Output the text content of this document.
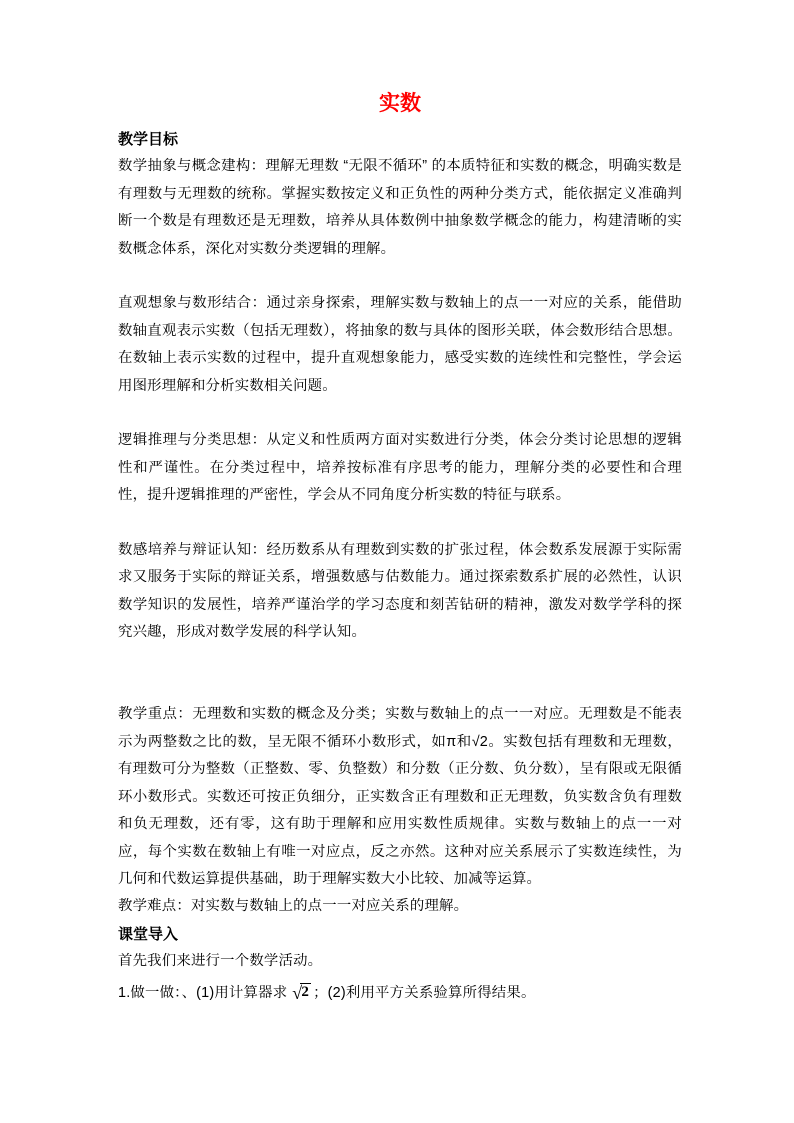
实数

教学目标

数学抽象与概念建构：理解无理数 “无限不循环” 的本质特征和实数的概念，明确实数是有理数与无理数的统称。掌握实数按定义和正负性的两种分类方式，能依据定义准确判断一个数是有理数还是无理数，培养从具体数例中抽象数学概念的能力，构建清晰的实数概念体系，深化对实数分类逻辑的理解。

直观想象与数形结合：通过亲身探索，理解实数与数轴上的点一一对应的关系，能借助数轴直观表示实数（包括无理数），将抽象的数与具体的图形关联，体会数形结合思想。在数轴上表示实数的过程中，提升直观想象能力，感受实数的连续性和完整性，学会运用图形理解和分析实数相关问题。

逻辑推理与分类思想：从定义和性质两方面对实数进行分类，体会分类讨论思想的逻辑性和严谨性。在分类过程中，培养按标准有序思考的能力，理解分类的必要性和合理性，提升逻辑推理的严密性，学会从不同角度分析实数的特征与联系。

数感培养与辩证认知：经历数系从有理数到实数的扩张过程，体会数系发展源于实际需求又服务于实际的辩证关系，增强数感与估数能力。通过探索数系扩展的必然性，认识数学知识的发展性，培养严谨治学的学习态度和刻苦钻研的精神，激发对数学学科的探究兴趣，形成对数学发展的科学认知。

教学重点：无理数和实数的概念及分类；实数与数轴上的点一一对应。无理数是不能表示为两整数之比的数，呈无限不循环小数形式，如π和√2。实数包括有理数和无理数，有理数可分为整数（正整数、零、负整数）和分数（正分数、负分数），呈有限或无限循环小数形式。实数还可按正负细分，正实数含正有理数和正无理数，负实数含负有理数和负无理数，还有零，这有助于理解和应用实数性质规律。实数与数轴上的点一一对应，每个实数在数轴上有唯一对应点，反之亦然。这种对应关系展示了实数连续性，为几何和代数运算提供基础，助于理解实数大小比较、加减等运算。

教学难点：对实数与数轴上的点一一对应关系的理解。

课堂导入

首先我们来进行一个数学活动。

1.做一做：、(1)用计算器求 √2 ；(2)利用平方关系验算所得结果。
